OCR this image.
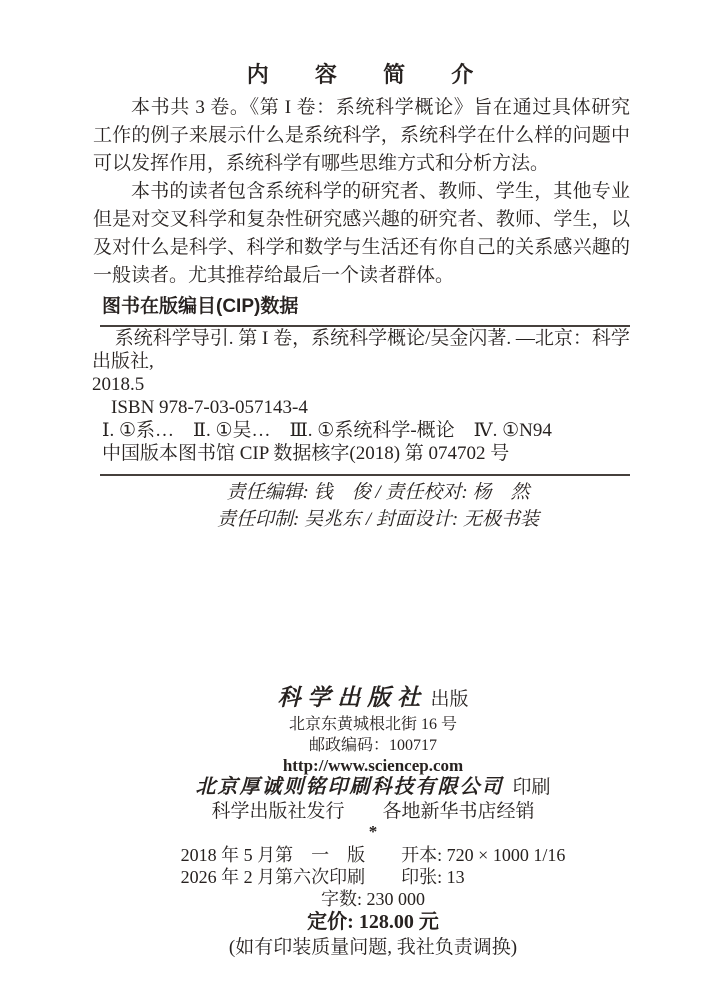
内　容　简　介

本书共 3 卷。《第 I 卷：系统科学概论》旨在通过具体研究工作的例子来展示什么是系统科学，系统科学在什么样的问题中可以发挥作用，系统科学有哪些思维方式和分析方法。

本书的读者包含系统科学的研究者、教师、学生，其他专业但是对交叉科学和复杂性研究感兴趣的研究者、教师、学生，以及对什么是科学、科学和数学与生活还有你自己的关系感兴趣的一般读者。尤其推荐给最后一个读者群体。

图书在版编目(CIP)数据

系统科学导引. 第 I 卷，系统科学概论/吴金闪著. —北京：科学出版社,

2018.5

ISBN 978-7-03-057143-4

Ⅰ. ①系…　Ⅱ. ①吴…　Ⅲ. ①系统科学-概论　Ⅳ. ①N94

中国版本图书馆 CIP 数据核字(2018) 第 074702 号

责任编辑: 钱　俊 / 责任校对: 杨　然

责任印制: 吴兆东 / 封面设计: 无极书装

科学出版社 出版

北京东黄城根北街 16 号

邮政编码：100717

http://www.sciencep.com

北京厚诚则铭印刷科技有限公司 印刷

科学出版社发行　　各地新华书店经销

*

2018 年 5 月第　一　版　　开本: 720 × 1000 1/16

2026 年 2 月第六次印刷　　印张: 13

字数: 230 000

定价: 128.00 元

(如有印装质量问题, 我社负责调换)
